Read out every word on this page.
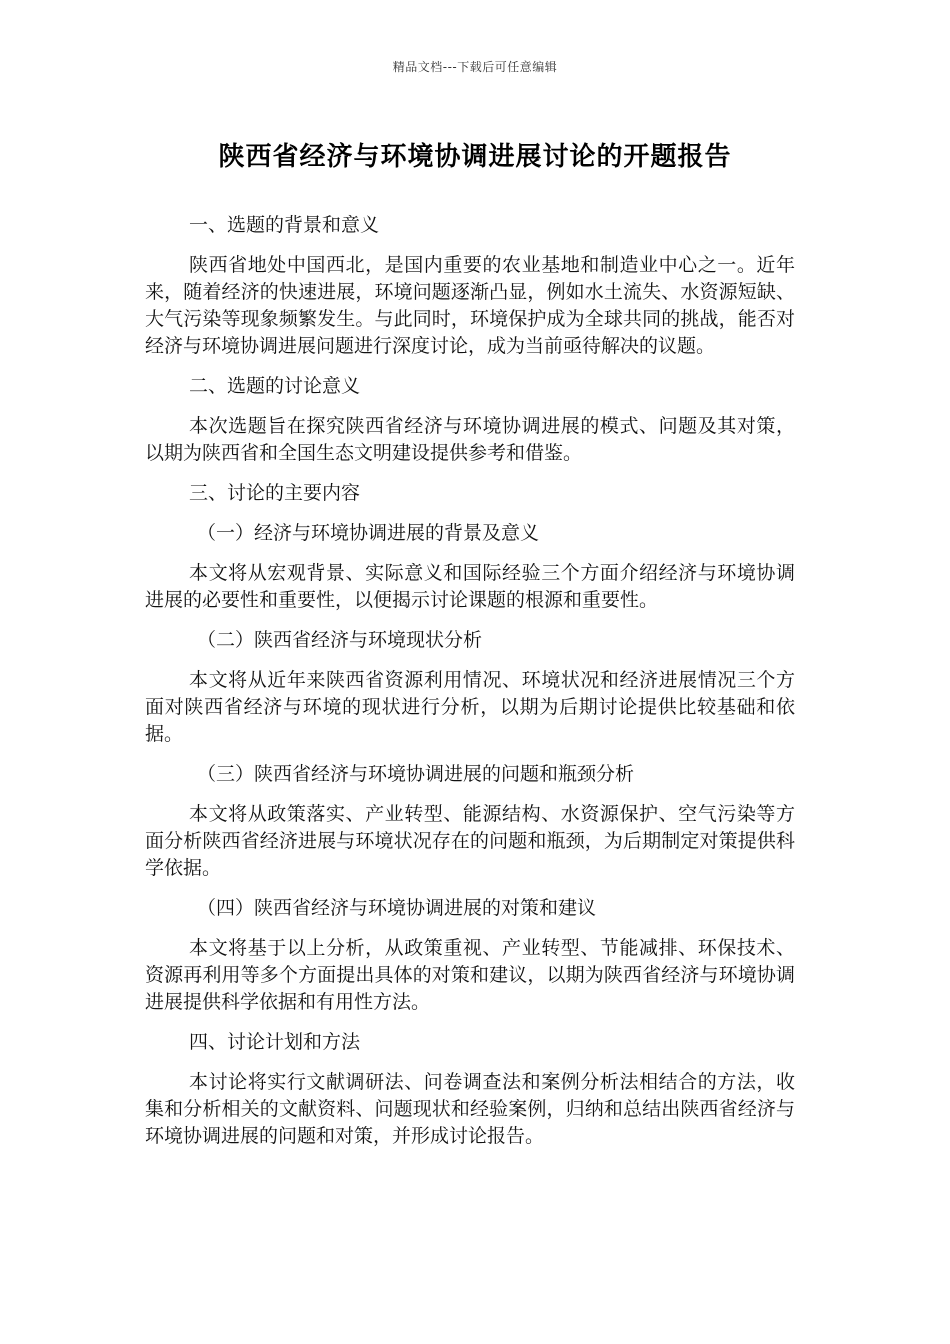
精品文档---下载后可任意编辑
陕西省经济与环境协调进展讨论的开题报告
一、选题的背景和意义
陕西省地处中国西北，是国内重要的农业基地和制造业中心之一。近年来，随着经济的快速进展，环境问题逐渐凸显，例如水土流失、水资源短缺、大气污染等现象频繁发生。与此同时，环境保护成为全球共同的挑战，能否对经济与环境协调进展问题进行深度讨论，成为当前亟待解决的议题。
二、选题的讨论意义
本次选题旨在探究陕西省经济与环境协调进展的模式、问题及其对策，以期为陕西省和全国生态文明建设提供参考和借鉴。
三、讨论的主要内容
（一）经济与环境协调进展的背景及意义
本文将从宏观背景、实际意义和国际经验三个方面介绍经济与环境协调进展的必要性和重要性，以便揭示讨论课题的根源和重要性。
（二）陕西省经济与环境现状分析
本文将从近年来陕西省资源利用情况、环境状况和经济进展情况三个方面对陕西省经济与环境的现状进行分析，以期为后期讨论提供比较基础和依据。
（三）陕西省经济与环境协调进展的问题和瓶颈分析
本文将从政策落实、产业转型、能源结构、水资源保护、空气污染等方面分析陕西省经济进展与环境状况存在的问题和瓶颈，为后期制定对策提供科学依据。
（四）陕西省经济与环境协调进展的对策和建议
本文将基于以上分析，从政策重视、产业转型、节能减排、环保技术、资源再利用等多个方面提出具体的对策和建议，以期为陕西省经济与环境协调进展提供科学依据和有用性方法。
四、讨论计划和方法
本讨论将实行文献调研法、问卷调查法和案例分析法相结合的方法，收集和分析相关的文献资料、问题现状和经验案例，归纳和总结出陕西省经济与环境协调进展的问题和对策，并形成讨论报告。
